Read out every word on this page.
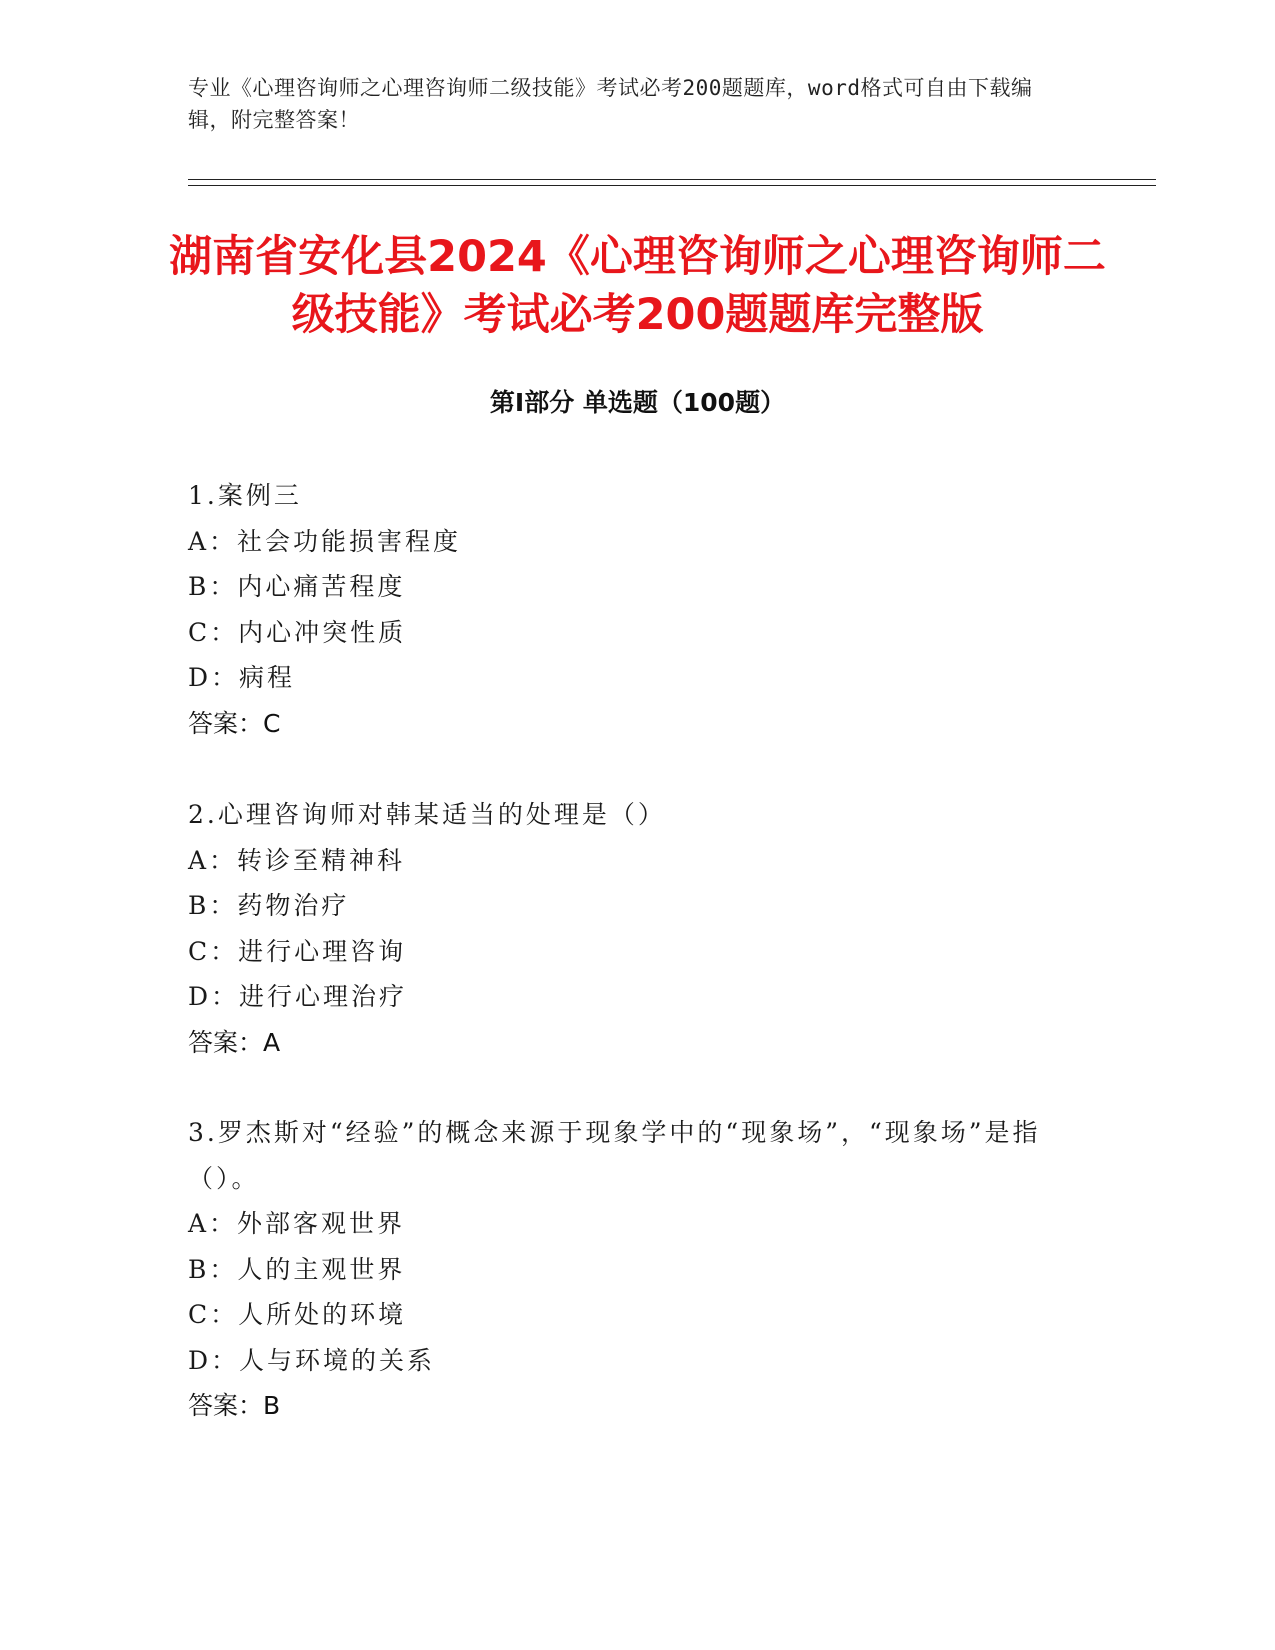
专业《心理咨询师之心理咨询师二级技能》考试必考200题题库，word格式可自由下载编辑，附完整答案！
湖南省安化县2024《心理咨询师之心理咨询师二级技能》考试必考200题题库完整版
第Ⅰ部分 单选题（100题）
1.案例三
A：社会功能损害程度
B：内心痛苦程度
C：内心冲突性质
D：病程
答案：C
2.心理咨询师对韩某适当的处理是（）
A：转诊至精神科
B：药物治疗
C：进行心理咨询
D：进行心理治疗
答案：A
3.罗杰斯对“经验”的概念来源于现象学中的“现象场”，“现象场”是指（）。
A：外部客观世界
B：人的主观世界
C：人所处的环境
D：人与环境的关系
答案：B
